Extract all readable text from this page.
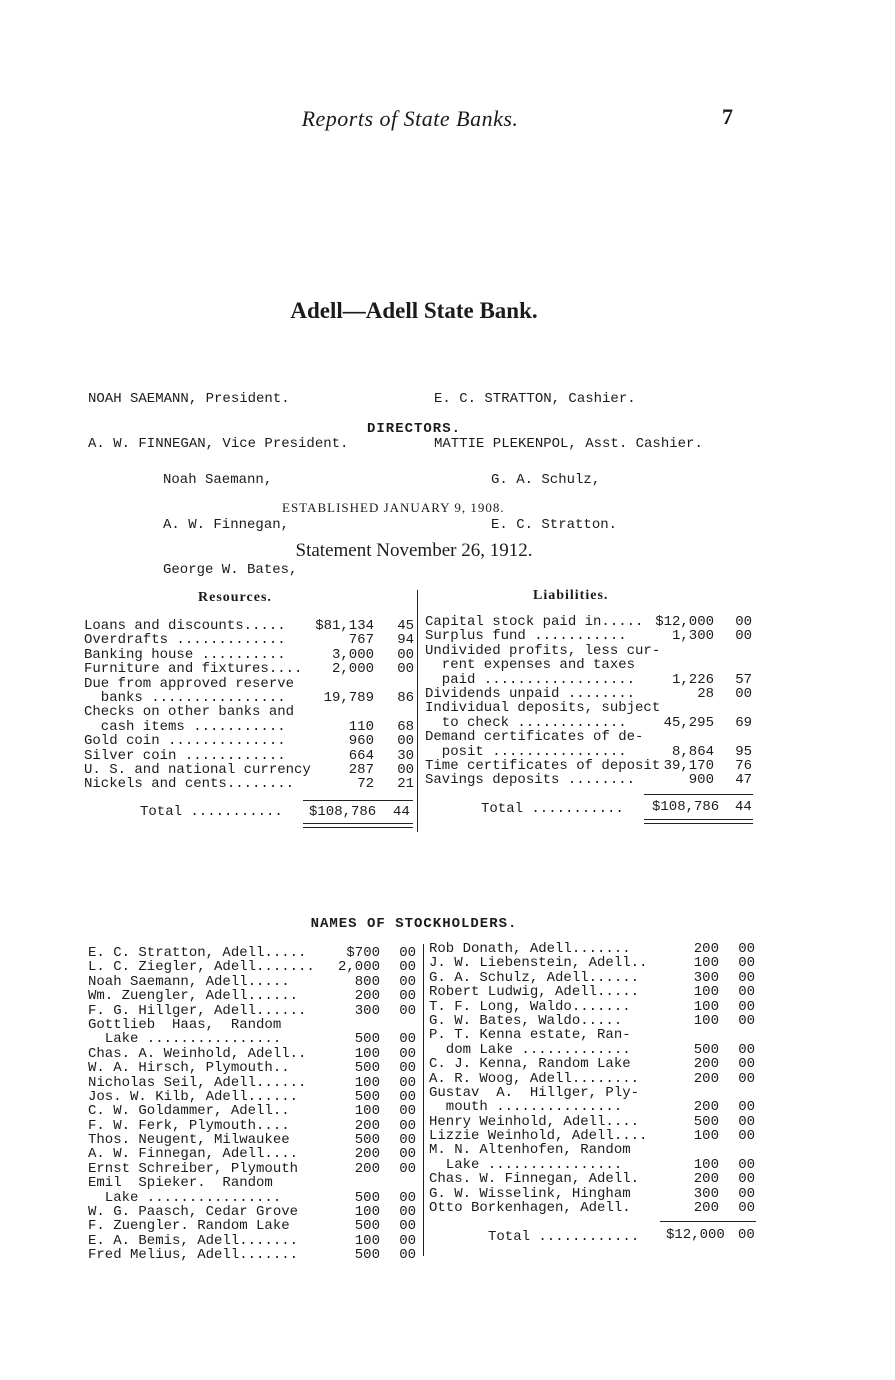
Reports of State Banks.	7
Adell—Adell State Bank.

NOAH SAEMANN, President.

A. W. FINNEGAN, Vice President.

E. C. STRATTON, Cashier.

MATTIE PLEKENPOL, Asst. Cashier.

DIRECTORS.

Noah Saemann,

A. W. Finnegan,

George W. Bates,

G. A. Schulz,

E. C. Stratton.

ESTABLISHED JANUARY 9, 1908.
Statement November 26, 1912.
Resources.	Liabilities.
Loans and discounts..... $81,134	45
Overdrafts .............	767	94
Banking house ..........	3,000	00
Furniture and fixtures.... 2,000	00
Due from approved reserve
banks ................	19,789	86
Checks on other banks and
cash items ...........	110	68
Gold coin ..............	960	00
Silver coin ............	664	30
U. S. and national currency	287	00
Nickels and cents........	72	21
Total ........... $108,786 44
Capital stock paid in..... $12,000	00
Surplus fund ...........	1,300	00
Undivided profits, less cur-
rent expenses and taxes
paid ..................	1,226	57
Dividends unpaid ........	28	00
Individual deposits, subject
to check .............	45,295	69
Demand certificates of de-
posit ................	8,864	95
Time certificates of deposit 39,170	76
Savings deposits ........	900	47
Total ........... $108,786 44
NAMES OF STOCKHOLDERS.
E. C. Stratton, Adell.....	$700	00
L. C. Ziegler, Adell....... 2,000	00
Noah Saemann, Adell.....	800	00
Wm. Zuengler, Adell......	200	00
F. G. Hillger, Adell......	300	00
Gottlieb  Haas,  Random
Lake ................	500	00
Chas. A. Weinhold, Adell..	100	00
W. A. Hirsch, Plymouth..	500	00
Nicholas Seil, Adell......	100	00
Jos. W. Kilb, Adell......	500	00
C. W. Goldammer, Adell..	100	00
F. W. Ferk, Plymouth....	200	00
Thos. Neugent, Milwaukee	500	00
A. W. Finnegan, Adell....	200	00
Ernst Schreiber, Plymouth	200	00
Emil  Spieker.  Random
Lake ................	500	00
W. G. Paasch, Cedar Grove	100	00
F. Zuengler. Random Lake	500	00
E. A. Bemis, Adell.......	100	00
Fred Melius, Adell.......	500	00
Rob Donath, Adell.......	200	00
J. W. Liebenstein, Adell..	100	00
G. A. Schulz, Adell......	300	00
Robert Ludwig, Adell.....	100	00
T. F. Long, Waldo.......	100	00
G. W. Bates, Waldo.....	100	00
P. T. Kenna estate, Ran-
dom Lake .............	500	00
C. J. Kenna, Random Lake	200	00
A. R. Woog, Adell........	200	00
Gustav  A.  Hillger, Ply-
mouth ...............	200	00
Henry Weinhold, Adell....	500	00
Lizzie Weinhold, Adell....	100	00
M. N. Altenhofen, Random
Lake ................	100	00
Chas. W. Finnegan, Adell.	200	00
G. W. Wisselink, Hingham	300	00
Otto Borkenhagen, Adell.	200	00
Total ............ $12,000 00
